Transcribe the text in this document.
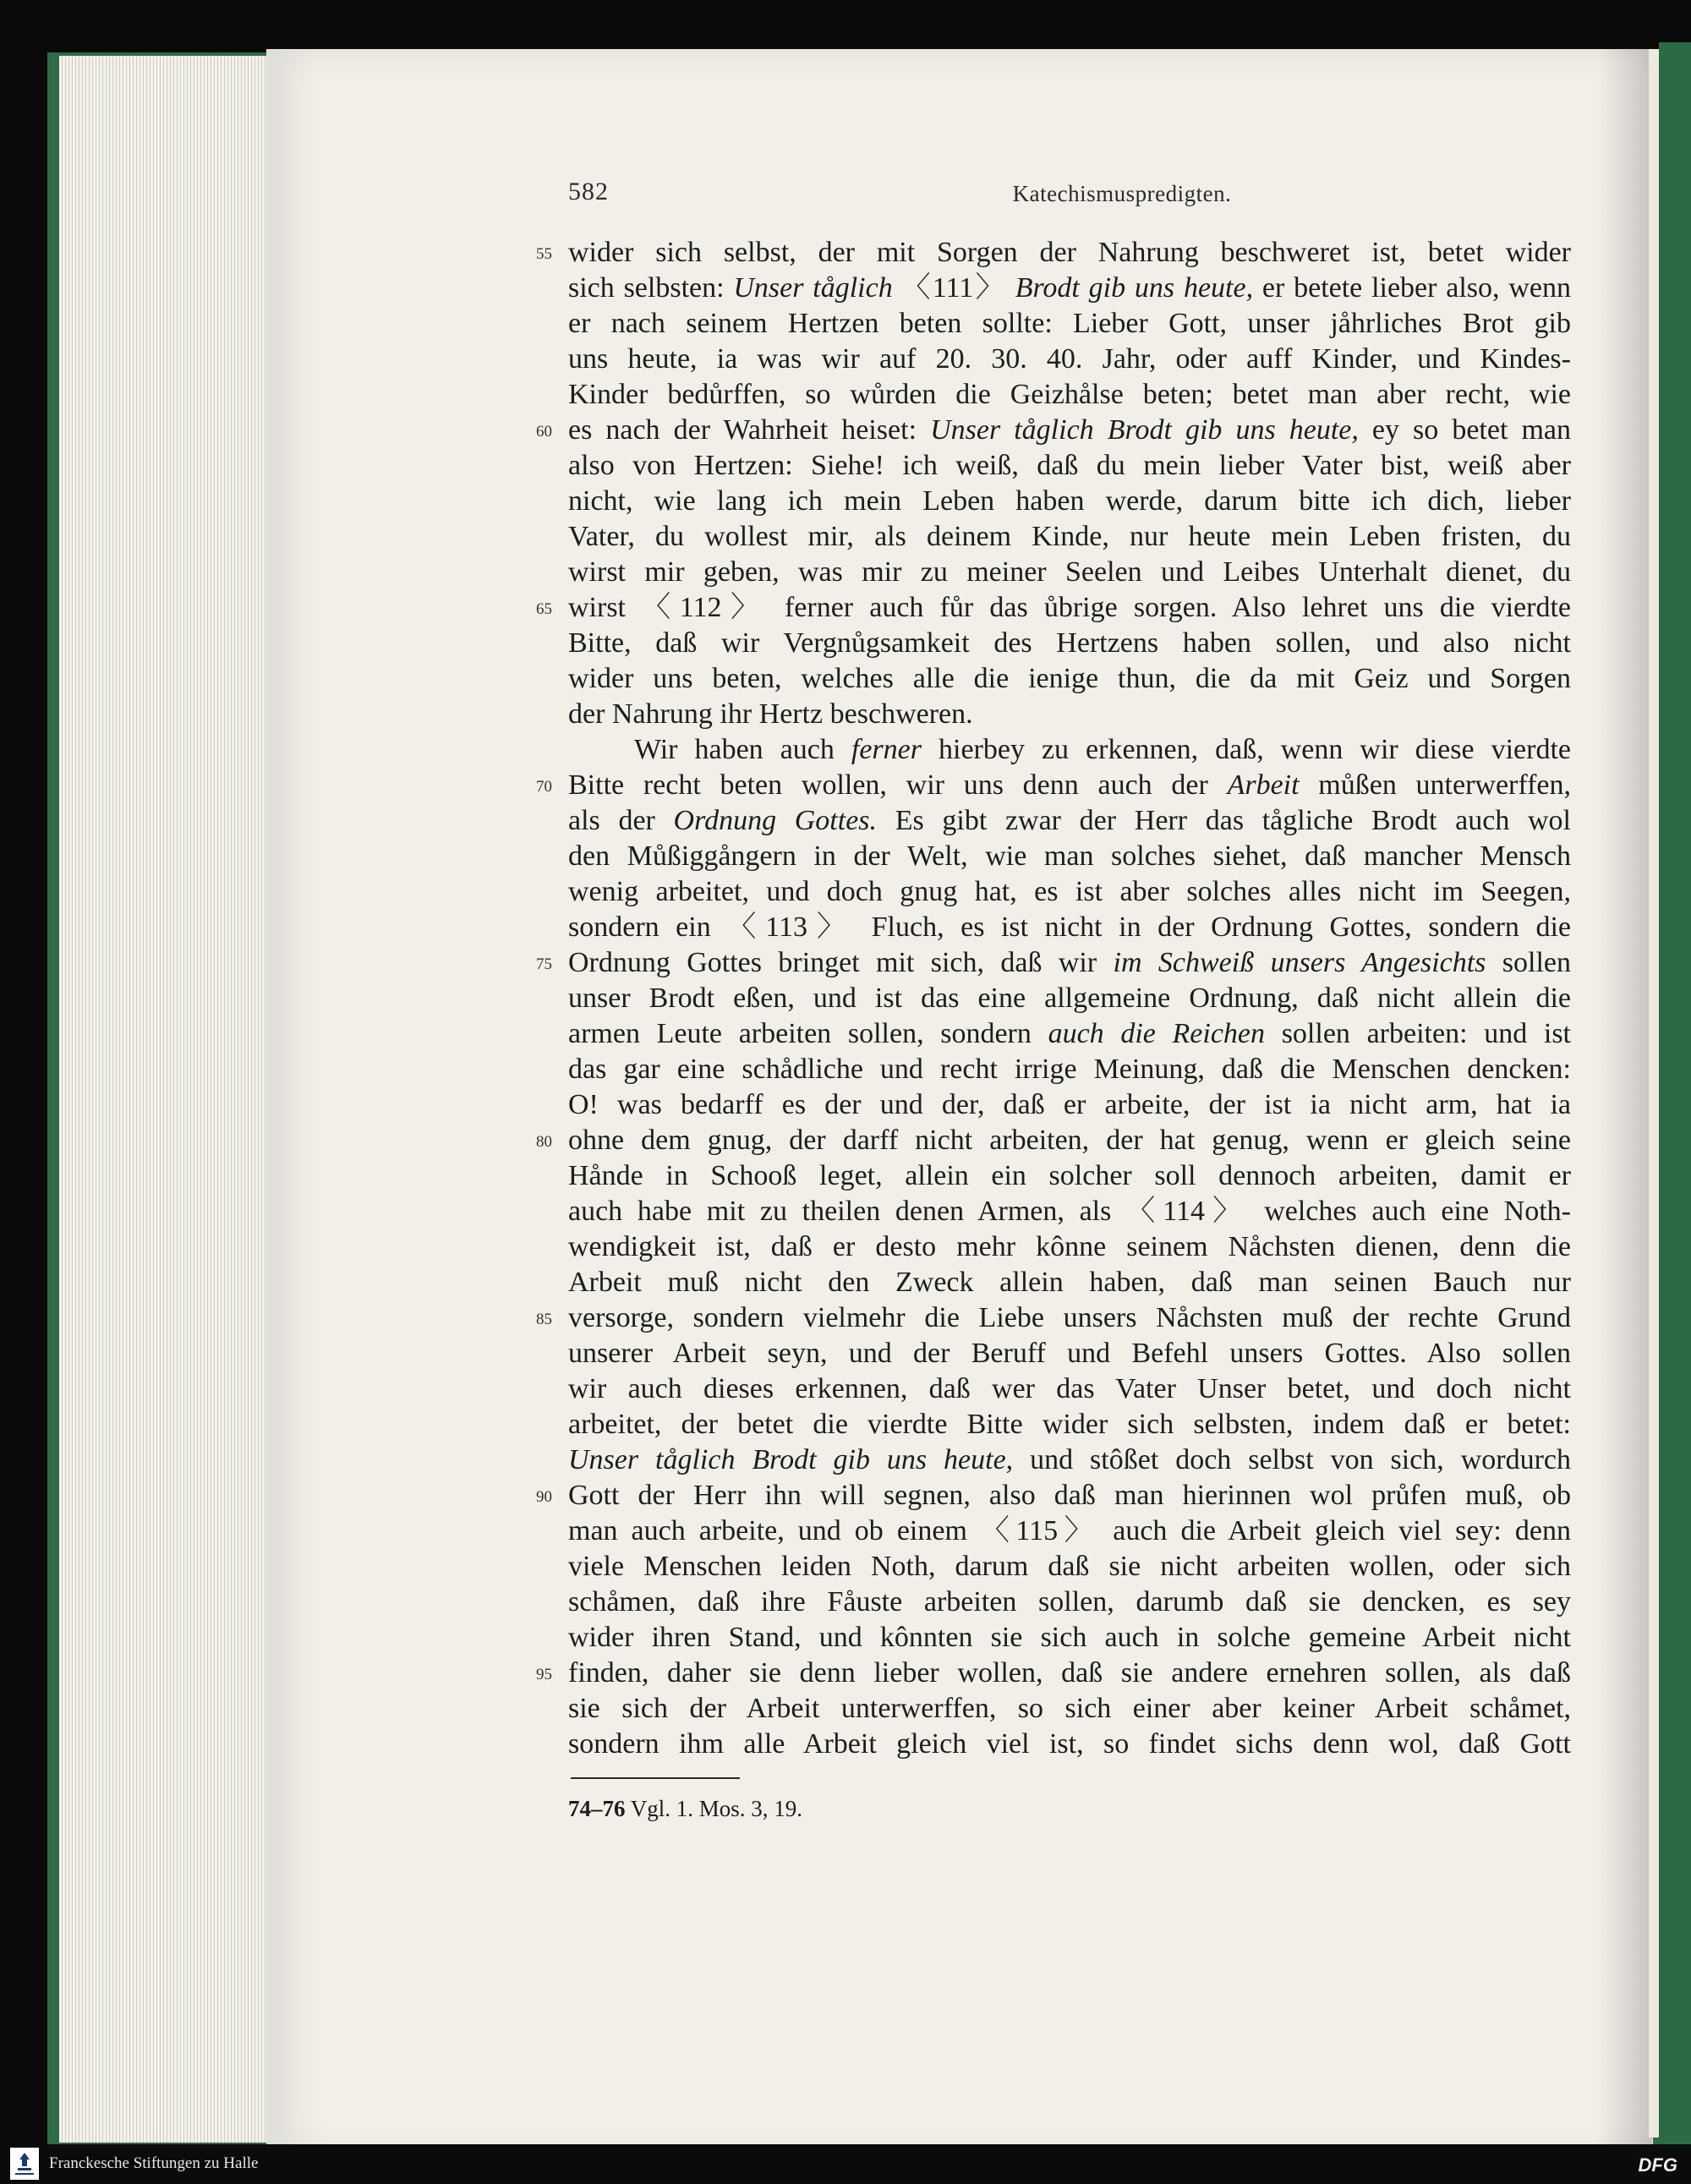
582	Katechismuspredigten.
55 wider sich selbst, der mit Sorgen der Nahrung beschweret ist, betet wider
sich selbsten: Unser tåglich 〈111〉 Brodt gib uns heute, er betete lieber also, wenn
er nach seinem Hertzen beten sollte: Lieber Gott, unser jåhrliches Brot gib
uns heute, ia was wir auf 20. 30. 40. Jahr, oder auff Kinder, und Kindes-
Kinder bedůrffen, so wůrden die Geizhålse beten; betet man aber recht, wie
60 es nach der Wahrheit heiset: Unser tåglich Brodt gib uns heute, ey so betet man
also von Hertzen: Siehe! ich weiß, daß du mein lieber Vater bist, weiß aber
nicht, wie lang ich mein Leben haben werde, darum bitte ich dich, lieber
Vater, du wollest mir, als deinem Kinde, nur heute mein Leben fristen, du
wirst mir geben, was mir zu meiner Seelen und Leibes Unterhalt dienet, du
65 wirst 〈112〉 ferner auch fůr das ůbrige sorgen. Also lehret uns die vierdte
Bitte, daß wir Vergnůgsamkeit des Hertzens haben sollen, und also nicht
wider uns beten, welches alle die ienige thun, die da mit Geiz und Sorgen
der Nahrung ihr Hertz beschweren.
Wir haben auch ferner hierbey zu erkennen, daß, wenn wir diese vierdte
70 Bitte recht beten wollen, wir uns denn auch der Arbeit můßen unterwerffen,
als der Ordnung Gottes. Es gibt zwar der Herr das tågliche Brodt auch wol
den Můßiggångern in der Welt, wie man solches siehet, daß mancher Mensch
wenig arbeitet, und doch gnug hat, es ist aber solches alles nicht im Seegen,
sondern ein 〈113〉 Fluch, es ist nicht in der Ordnung Gottes, sondern die
75 Ordnung Gottes bringet mit sich, daß wir im Schweiß unsers Angesichts sollen
unser Brodt eßen, und ist das eine allgemeine Ordnung, daß nicht allein die
armen Leute arbeiten sollen, sondern auch die Reichen sollen arbeiten: und ist
das gar eine schådliche und recht irrige Meinung, daß die Menschen dencken:
O! was bedarff es der und der, daß er arbeite, der ist ia nicht arm, hat ia
80 ohne dem gnug, der darff nicht arbeiten, der hat genug, wenn er gleich seine
Hånde in Schooß leget, allein ein solcher soll dennoch arbeiten, damit er
auch habe mit zu theilen denen Armen, als 〈114〉 welches auch eine Noth-
wendigkeit ist, daß er desto mehr kônne seinem Nåchsten dienen, denn die
Arbeit muß nicht den Zweck allein haben, daß man seinen Bauch nur
85 versorge, sondern vielmehr die Liebe unsers Nåchsten muß der rechte Grund
unserer Arbeit seyn, und der Beruff und Befehl unsers Gottes. Also sollen
wir auch dieses erkennen, daß wer das Vater Unser betet, und doch nicht
arbeitet, der betet die vierdte Bitte wider sich selbsten, indem daß er betet:
Unser tåglich Brodt gib uns heute, und stôßet doch selbst von sich, wordurch
90 Gott der Herr ihn will segnen, also daß man hierinnen wol průfen muß, ob
man auch arbeite, und ob einem 〈115〉 auch die Arbeit gleich viel sey: denn
viele Menschen leiden Noth, darum daß sie nicht arbeiten wollen, oder sich
schåmen, daß ihre Fåuste arbeiten sollen, darumb daß sie dencken, es sey
wider ihren Stand, und kônnten sie sich auch in solche gemeine Arbeit nicht
95 finden, daher sie denn lieber wollen, daß sie andere ernehren sollen, als daß
sie sich der Arbeit unterwerffen, so sich einer aber keiner Arbeit schåmet,
sondern ihm alle Arbeit gleich viel ist, so findet sichs denn wol, daß Gott
74–76 Vgl. 1. Mos. 3, 19.
Franckesche Stiftungen zu Halle	DFG
